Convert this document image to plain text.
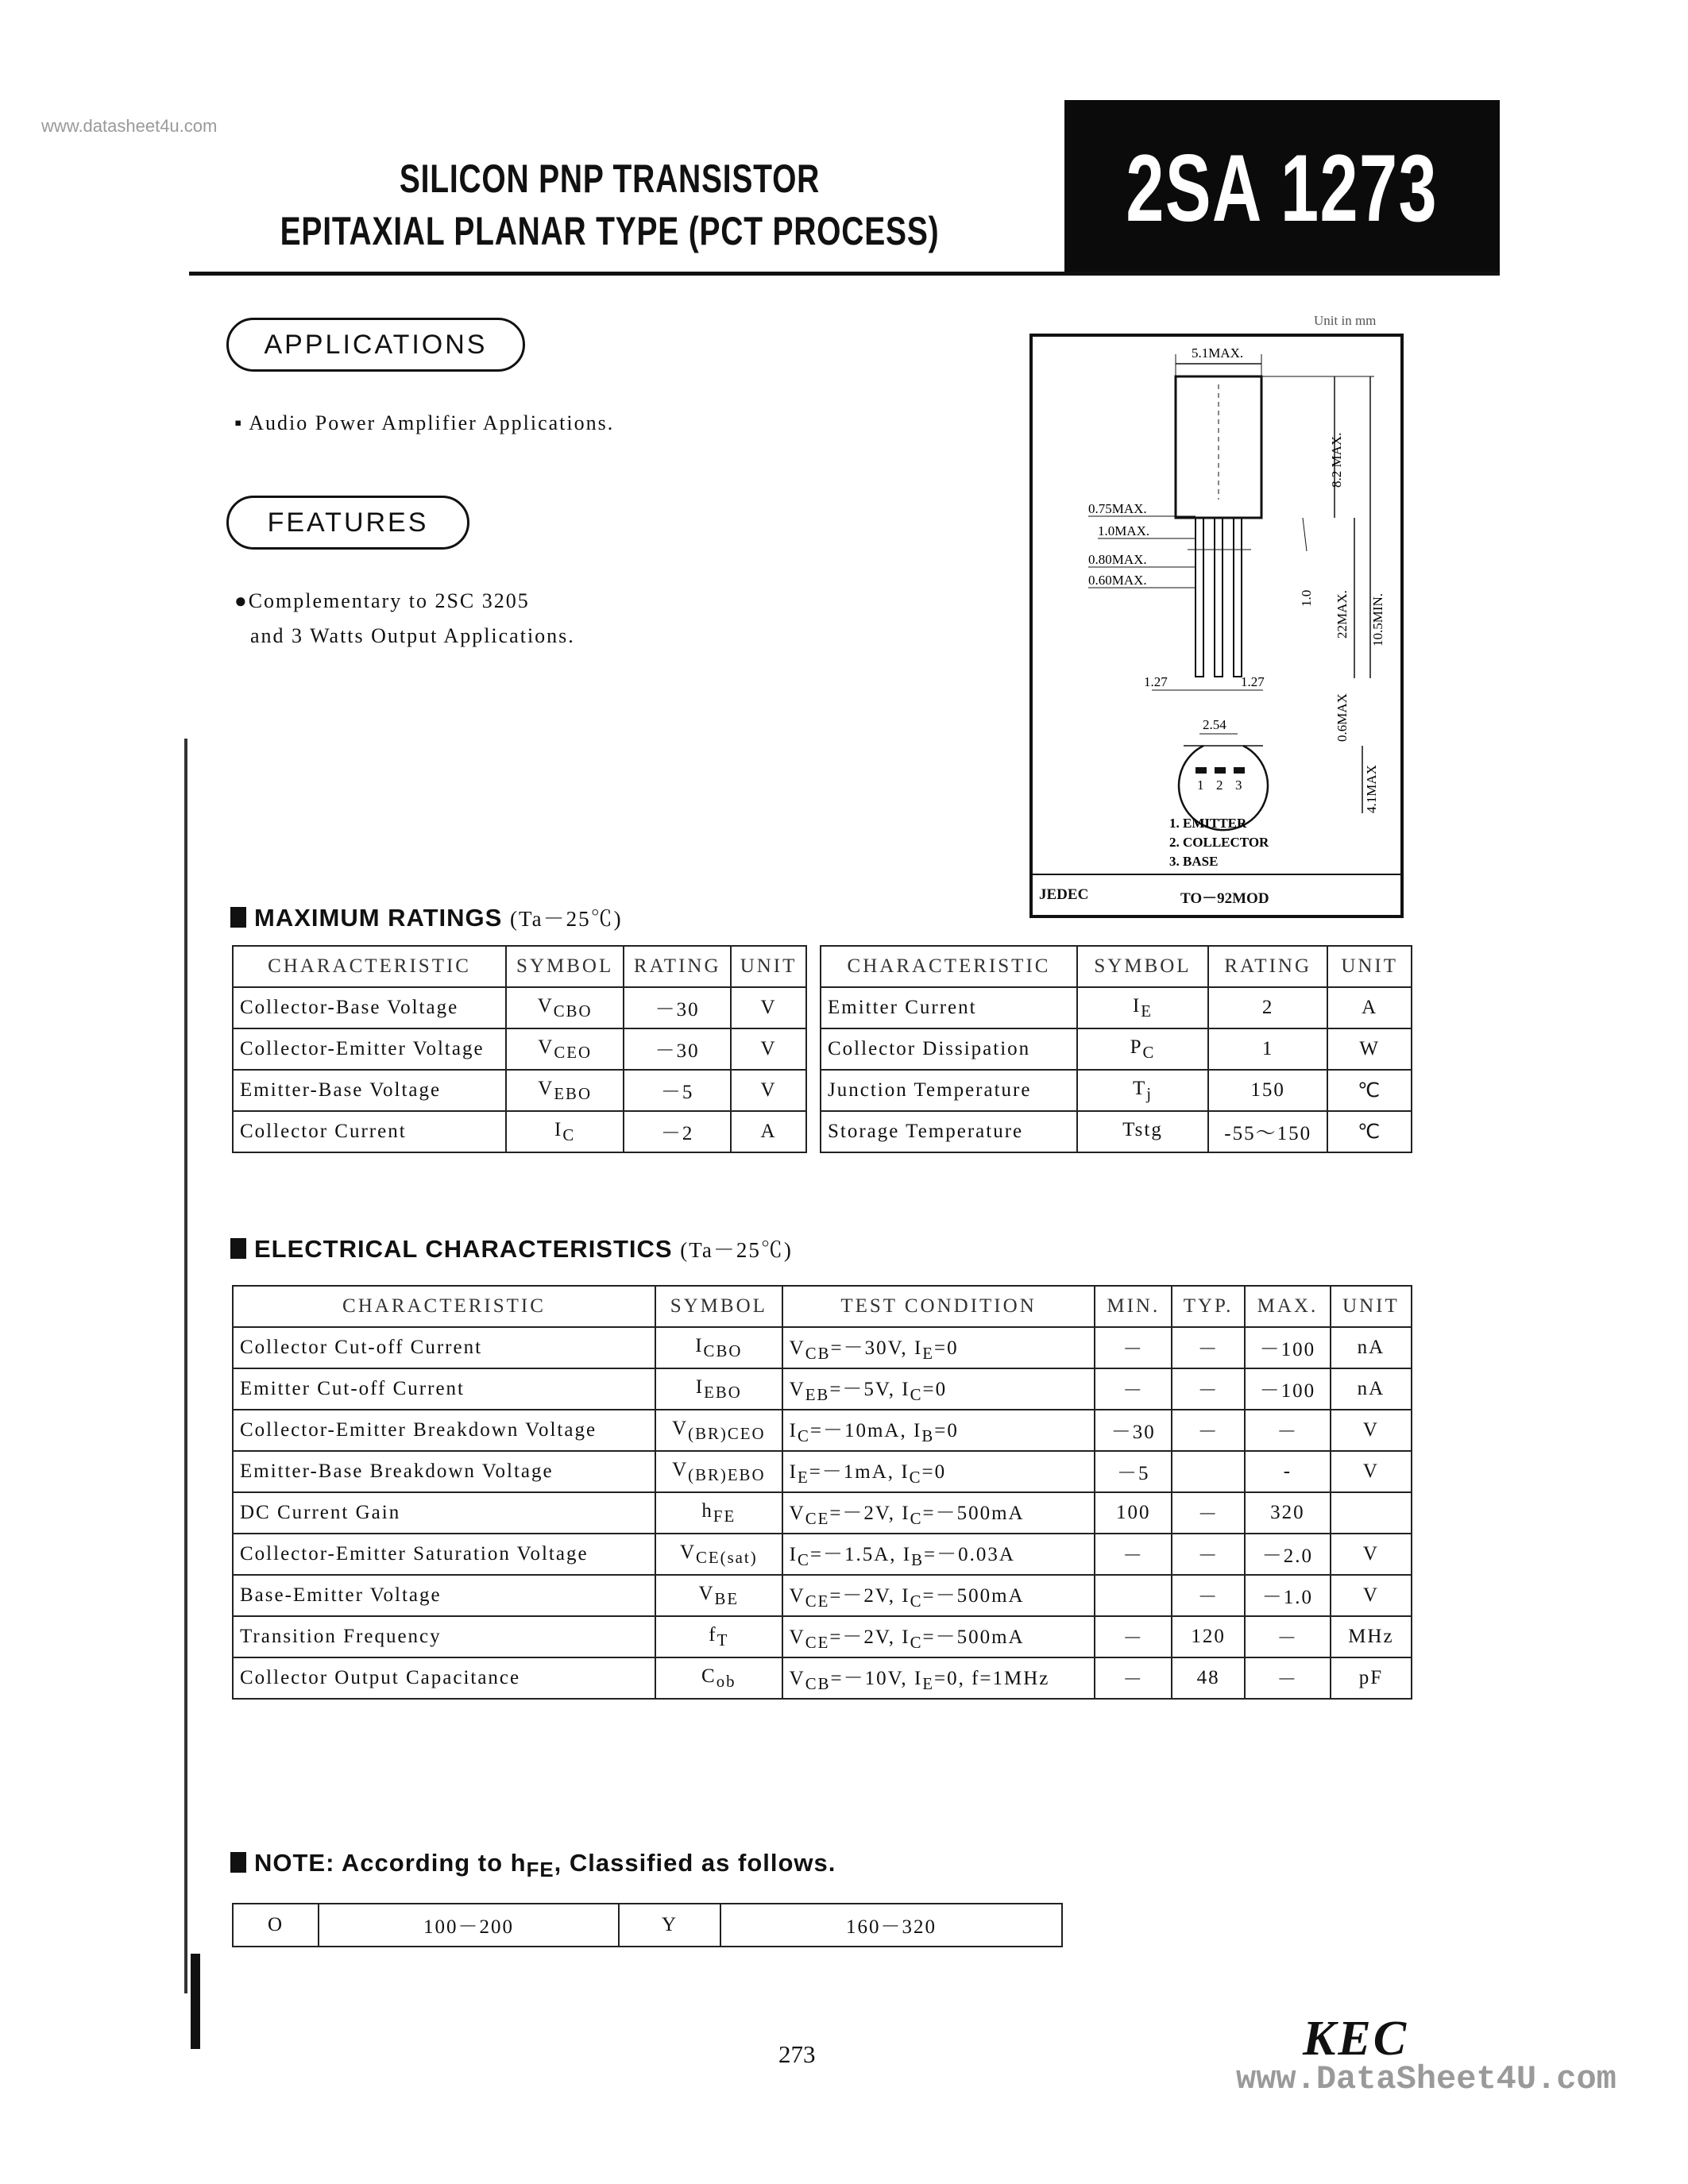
www.datasheet4u.com
SILICON PNP TRANSISTOR
EPITAXIAL PLANAR TYPE (PCT PROCESS) 2SA 1273
APPLICATIONS
▪ Audio Power Amplifier Applications.
FEATURES
●Complementary to 2SC 3205
and 3 Watts Output Applications.
Unit in mm
5.1MAX.
8.2 MAX.
22MAX. 10.5MIN.
1.0
0.75MAX.
1.0MAX.
0.80MAX.
0.60MAX.
1.27	1.27
0.6MAX
2.54
1 2 3	4.1MAX
1. EMITTER
2. COLLECTOR
3. BASE
JEDEC	TO－92MOD
MAXIMUM RATINGS (Ta－25℃)
CHARACTERISTIC	SYMBOL	RATING	UNIT
Collector-Base Voltage	$V_{CBO}$	－30	V
Collector-Emitter Voltage	$V_{CEO}$	－30	V
Emitter-Base Voltage	$V_{EBO}$	－5	V
Collector Current	$I_C$	－2	A
CHARACTERISTIC	SYMBOL	RATING	UNIT
Emitter Current	$I_E$	2	A
Collector Dissipation	$P_C$	1	W
Junction Temperature	$T_j$	150	℃
Storage Temperature	Tstg	-55～150	℃
ELECTRICAL CHARACTERISTICS (Ta－25℃)
CHARACTERISTIC	SYMBOL	TEST CONDITION	MIN.	TYP.	MAX.	UNIT
Collector Cut-off Current	$I_{CBO}$	$V_{CB}=-30V$, $I_E=0$	－	－	－100	nA
Emitter Cut-off Current	$I_{EBO}$	$V_{EB}=-5V$, $I_C=0$	－	－	－100	nA
Collector-Emitter Breakdown Voltage	$V_{(BR)CEO}$	$I_C=-10mA$, $I_B=0$	－30	－	－	V
Emitter-Base Breakdown Voltage	$V_{(BR)EBO}$	$I_E=-1mA$, $I_C=0$	－5		-	V
DC Current Gain	$h_{FE}$	$V_{CE}=-2V$, $I_C=-500mA$	100	－	320	
Collector-Emitter Saturation Voltage	$V_{CE(sat)}$	$I_C=-1.5A$, $I_B=-0.03A$	－	－	－2.0	V
Base-Emitter Voltage	$V_{BE}$	$V_{CE}=-2V$, $I_C=-500mA$		－	－1.0	V
Transition Frequency	$f_T$	$V_{CE}=-2V$, $I_C=-500mA$	－	120	－	MHz
Collector Output Capacitance	$C_{ob}$	$V_{CB}=-10V$, $I_E=0$, f=1MHz	－	48	－	pF
NOTE: According to $h_{FE}$, Classified as follows.
O	100－200	Y	160－320
273	KEC
www.DataSheet4U.com
